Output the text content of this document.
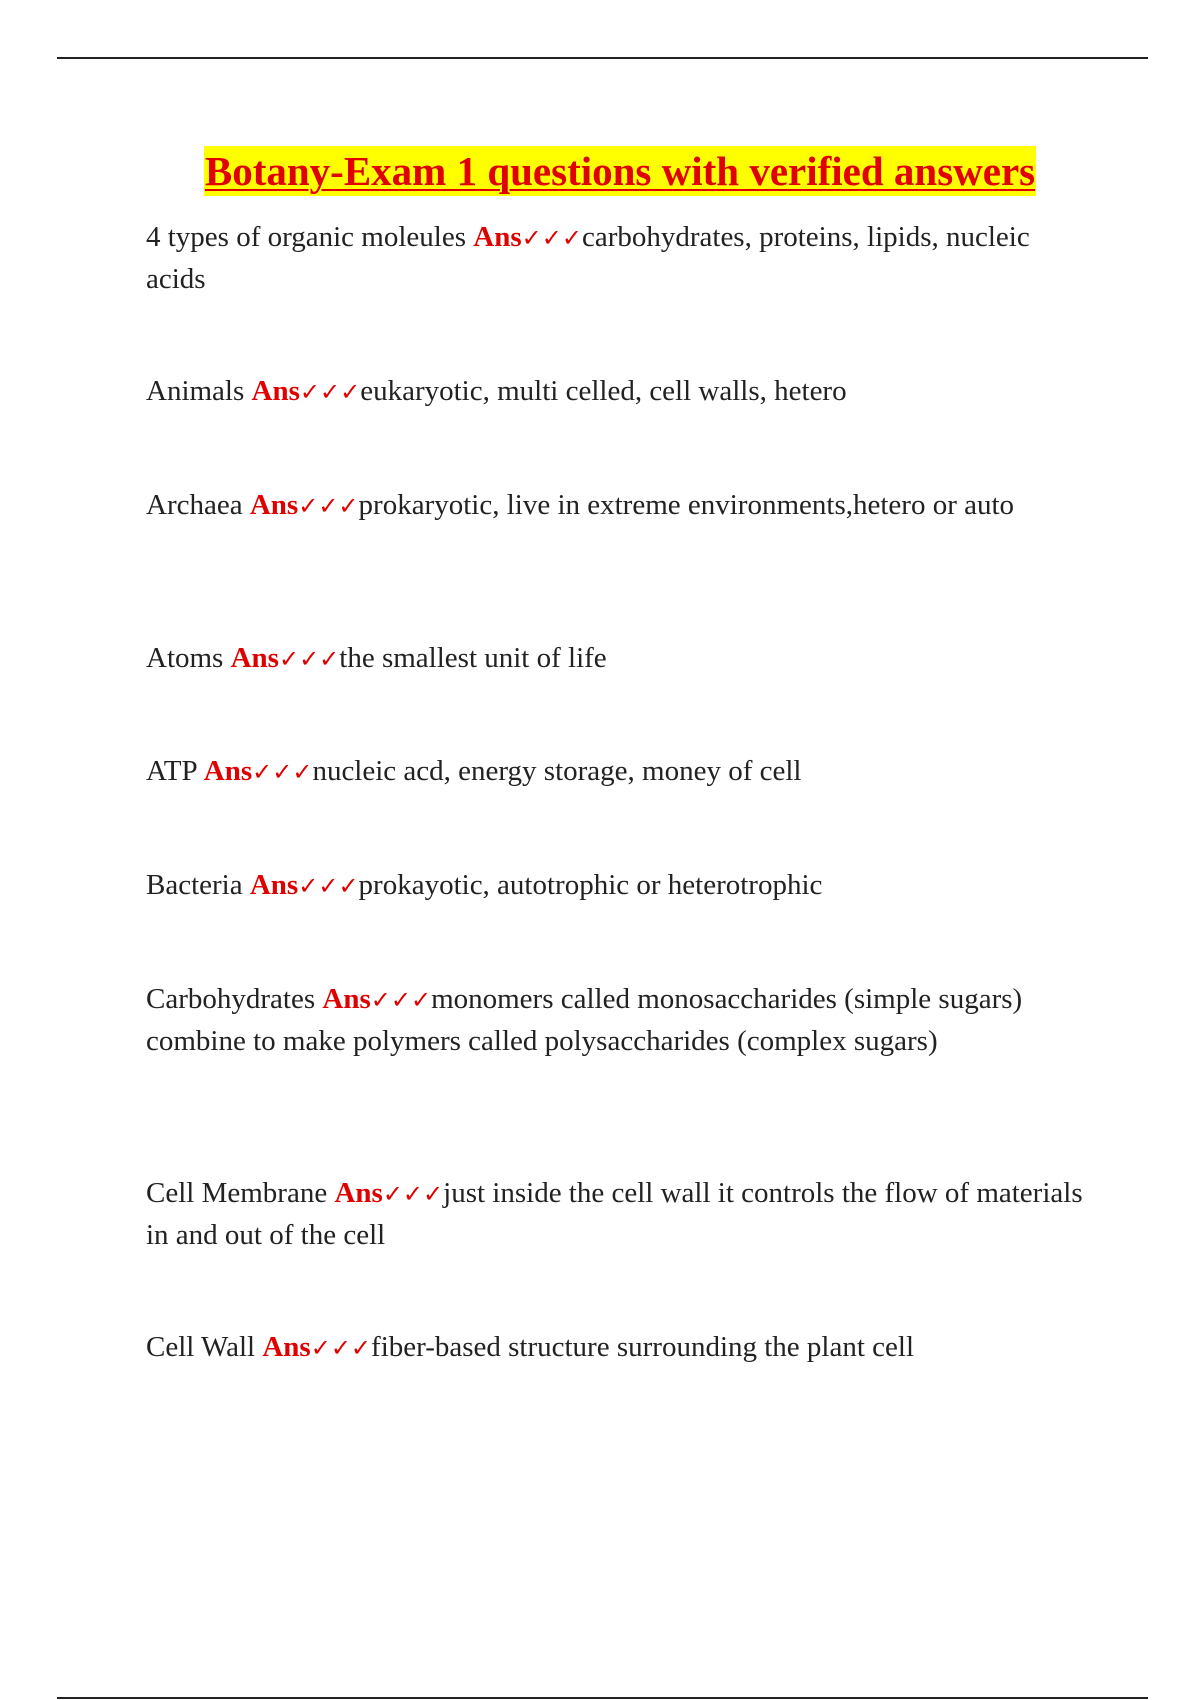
Botany-Exam 1 questions with verified answers
4 types of organic moleules Ans✓✓✓carbohydrates, proteins, lipids, nucleic acids
Animals Ans✓✓✓eukaryotic, multi celled, cell walls, hetero
Archaea Ans✓✓✓prokaryotic, live in extreme environments,hetero or auto
Atoms Ans✓✓✓the smallest unit of life
ATP Ans✓✓✓nucleic acd, energy storage, money of cell
Bacteria Ans✓✓✓prokayotic, autotrophic or heterotrophic
Carbohydrates Ans✓✓✓monomers called monosaccharides (simple sugars) combine to make polymers called polysaccharides (complex sugars)
Cell Membrane Ans✓✓✓just inside the cell wall it controls the flow of materials in and out of the cell
Cell Wall Ans✓✓✓fiber-based structure surrounding the plant cell
